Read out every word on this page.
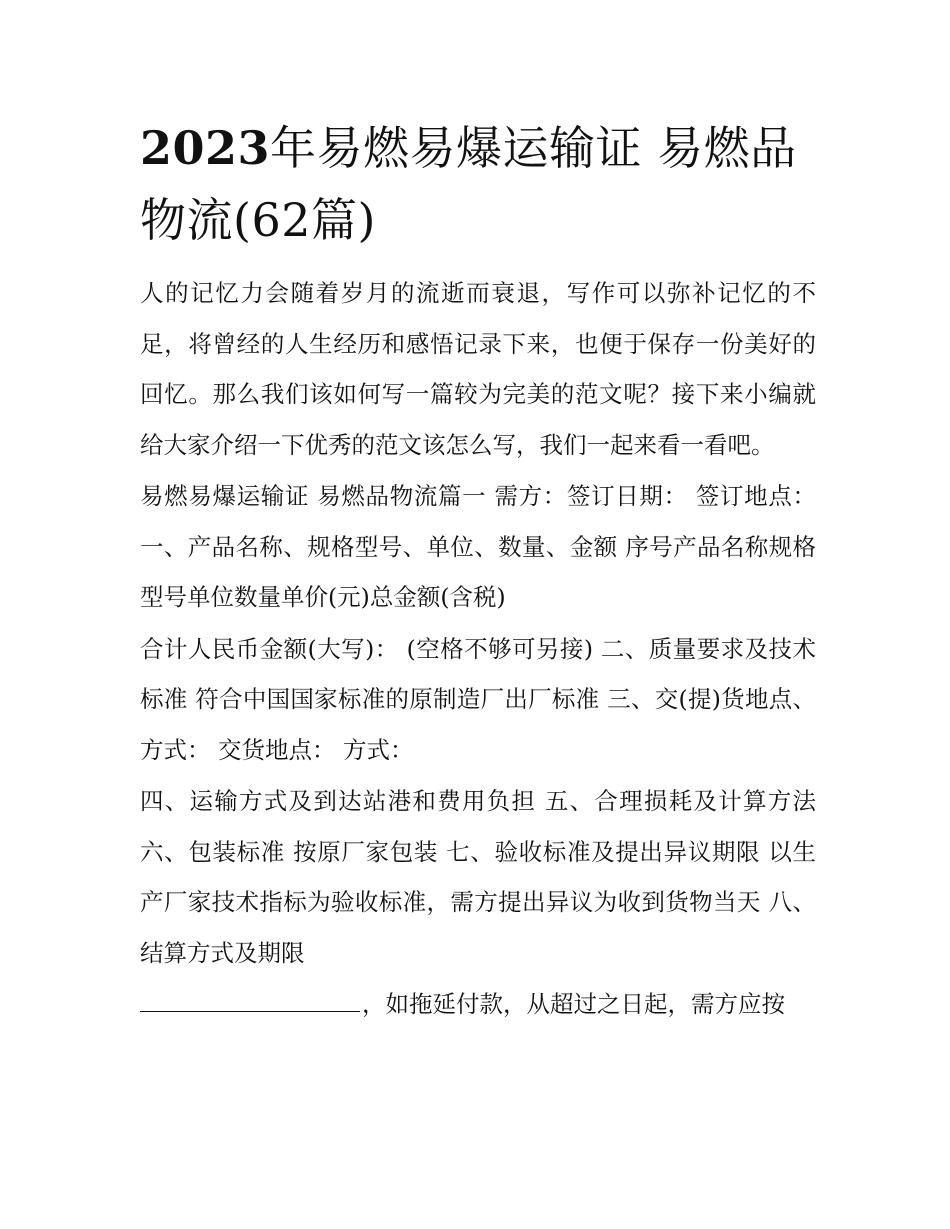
2023年易燃易爆运输证 易燃品物流(62篇)

人的记忆力会随着岁月的流逝而衰退，写作可以弥补记忆的不足，将曾经的人生经历和感悟记录下来，也便于保存一份美好的回忆。那么我们该如何写一篇较为完美的范文呢？接下来小编就给大家介绍一下优秀的范文该怎么写，我们一起来看一看吧。

易燃易爆运输证 易燃品物流篇一 需方：签订日期： 签订地点： 一、产品名称、规格型号、单位、数量、金额 序号产品名称规格型号单位数量单价(元)总金额(含税)

合计人民币金额(大写)： (空格不够可另接) 二、质量要求及技术标准 符合中国国家标准的原制造厂出厂标准 三、交(提)货地点、方式： 交货地点： 方式：

四、运输方式及到达站港和费用负担 五、合理损耗及计算方法 六、包装标准 按原厂家包装 七、验收标准及提出异议期限 以生产厂家技术指标为验收标准，需方提出异议为收到货物当天 八、结算方式及期限

，如拖延付款，从超过之日起，需方应按
